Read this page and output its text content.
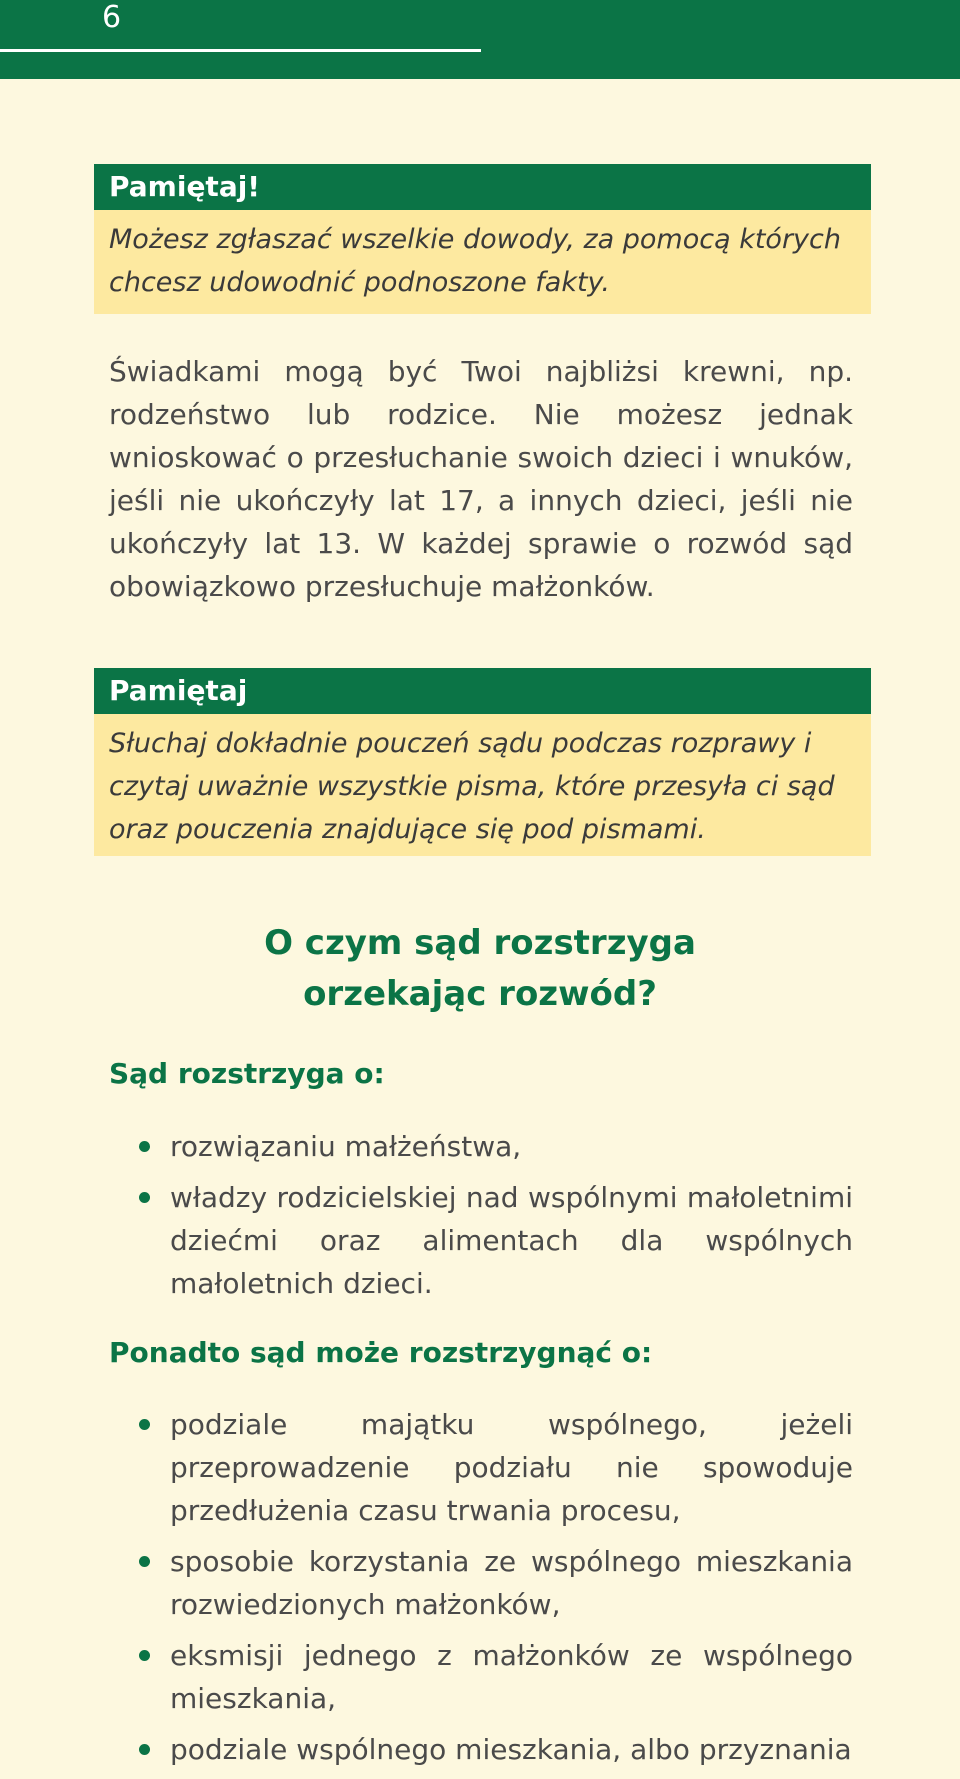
6
Pamiętaj!
Możesz zgłaszać wszelkie dowody, za pomocą których chcesz udowodnić podnoszone fakty.

Świadkami mogą być Twoi najbliżsi krewni, np. rodzeństwo lub rodzice. Nie możesz jednak wnioskować o przesłuchanie swoich dzieci i wnuków, jeśli nie ukończyły lat 17, a innych dzieci, jeśli nie ukończyły lat 13. W każdej sprawie o rozwód sąd obowiązkowo przesłuchuje małżonków.

Pamiętaj
Słuchaj dokładnie pouczeń sądu podczas rozprawy i czytaj uważnie wszystkie pisma, które przesyła ci sąd oraz pouczenia znajdujące się pod pismami.
O czym sąd rozstrzyga
orzekając rozwód?
Sąd rozstrzyga o:
rozwiązaniu małżeństwa,
władzy rodzicielskiej nad wspólnymi małoletnimi dziećmi oraz alimentach dla wspólnych małoletnich dzieci.
Ponadto sąd może rozstrzygnąć o:
podziale majątku wspólnego, jeżeli przeprowadzenie podziału nie spowoduje przedłużenia czasu trwania procesu,
sposobie korzystania ze wspólnego mieszkania rozwiedzionych małżonków,
eksmisji jednego z małżonków ze wspólnego mieszkania,
podziale wspólnego mieszkania, albo przyznania
